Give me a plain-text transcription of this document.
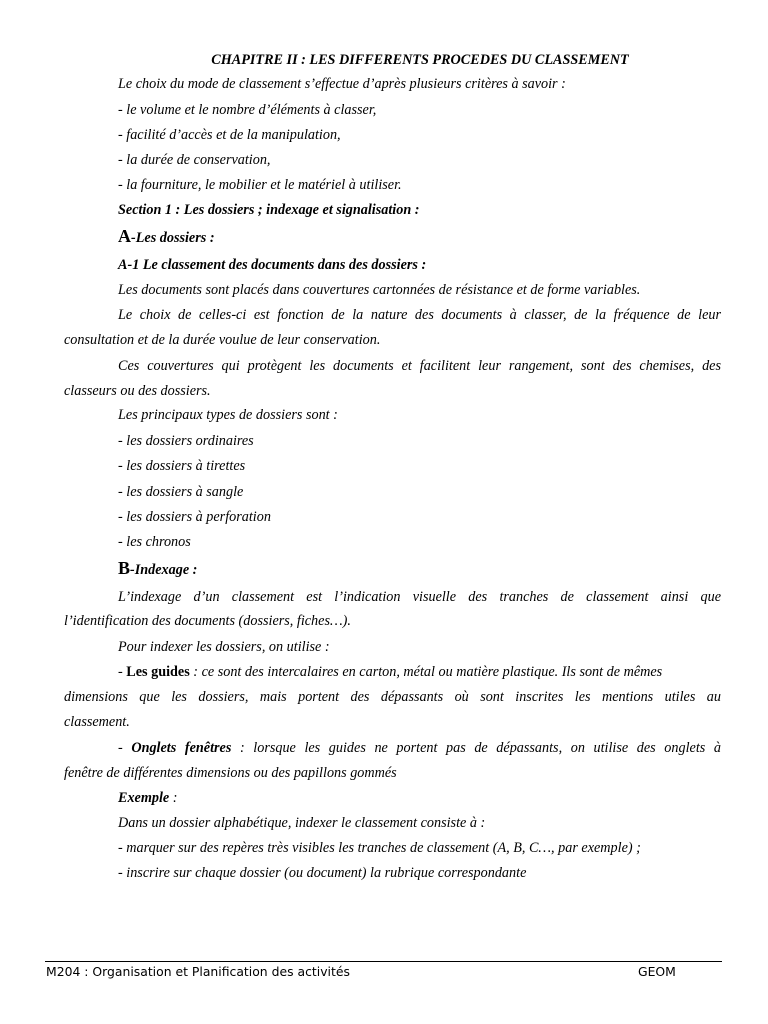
CHAPITRE II : LES DIFFERENTS PROCEDES DU CLASSEMENT
Le choix du mode de classement s’effectue d’après plusieurs critères à savoir :
- le volume et le nombre d’éléments à classer,
- facilité d’accès et de la manipulation,
- la durée de conservation,
- la fourniture, le mobilier et le matériel à utiliser.
Section 1 : Les dossiers ; indexage et signalisation :
A-Les dossiers :
A-1 Le classement des documents dans des dossiers :
Les documents sont placés dans couvertures cartonnées de résistance et de forme variables.
Le choix de celles-ci est fonction de la nature des documents à classer, de la fréquence de leur
consultation et de la durée voulue de leur conservation.
Ces couvertures qui protègent les documents et facilitent leur rangement, sont des chemises, des
classeurs ou des dossiers.
Les principaux types de dossiers sont :
- les dossiers ordinaires
- les dossiers à tirettes
- les dossiers à sangle
- les dossiers à perforation
- les chronos
B-Indexage :
L’indexage d’un classement est l’indication visuelle des tranches de classement ainsi que
l’identification des documents (dossiers, fiches…).
Pour indexer les dossiers, on utilise :
- Les guides : ce sont des intercalaires en carton, métal ou matière plastique. Ils sont de mêmes
dimensions que les dossiers, mais portent des dépassants où sont inscrites les mentions utiles au
classement.
- Onglets fenêtres : lorsque les guides ne portent pas de dépassants, on utilise des onglets à
fenêtre de différentes dimensions ou des papillons gommés
Exemple :
Dans un dossier alphabétique, indexer le classement consiste à :
- marquer sur des repères très visibles les tranches de classement (A, B, C…, par exemple) ;
- inscrire sur chaque dossier (ou document) la rubrique correspondante
M204 : Organisation et Planification des activités	GEOM
